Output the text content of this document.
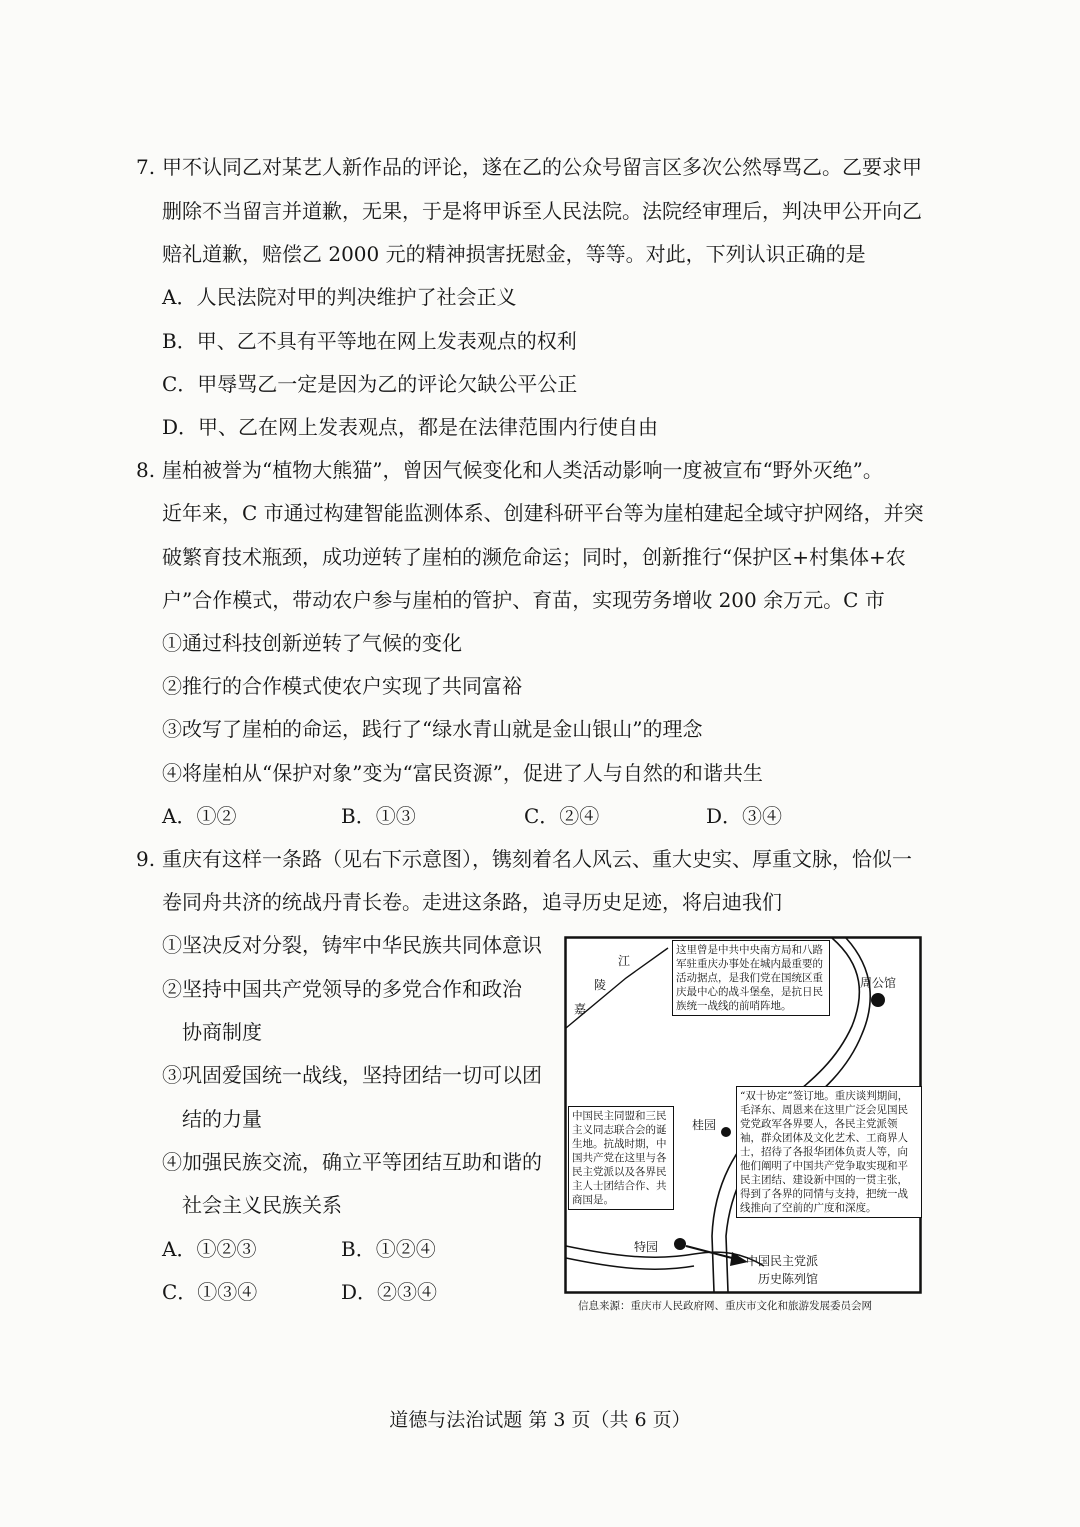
7. 甲不认同乙对某艺人新作品的评论，遂在乙的公众号留言区多次公然辱骂乙。乙要求甲
删除不当留言并道歉，无果，于是将甲诉至人民法院。法院经审理后，判决甲公开向乙
赔礼道歉，赔偿乙 2000 元的精神损害抚慰金，等等。对此，下列认识正确的是
A．人民法院对甲的判决维护了社会正义
B．甲、乙不具有平等地在网上发表观点的权利
C．甲辱骂乙一定是因为乙的评论欠缺公平公正
D．甲、乙在网上发表观点，都是在法律范围内行使自由
8. 崖柏被誉为“植物大熊猫”，曾因气候变化和人类活动影响一度被宣布“野外灭绝”。
近年来，C 市通过构建智能监测体系、创建科研平台等为崖柏建起全域守护网络，并突
破繁育技术瓶颈，成功逆转了崖柏的濒危命运；同时，创新推行“保护区+村集体+农
户”合作模式，带动农户参与崖柏的管护、育苗，实现劳务增收 200 余万元。C 市
①通过科技创新逆转了气候的变化
②推行的合作模式使农户实现了共同富裕
③改写了崖柏的命运，践行了“绿水青山就是金山银山”的理念
④将崖柏从“保护对象”变为“富民资源”，促进了人与自然的和谐共生
A．①②	B．①③	C．②④	D．③④
9. 重庆有这样一条路（见右下示意图），镌刻着名人风云、重大史实、厚重文脉，恰似一
卷同舟共济的统战丹青长卷。走进这条路，追寻历史足迹，将启迪我们
①坚决反对分裂，铸牢中华民族共同体意识
②坚持中国共产党领导的多党合作和政治
协商制度
③巩固爱国统一战线，坚持团结一切可以团
结的力量
④加强民族交流，确立平等团结互助和谐的
社会主义民族关系
A．①②③	B．①②④
C．①③④	D．②③④
江
陵
嘉
这里曾是中共中央南方局和八路军驻重庆办事处在城内最重要的活动据点，是我们党在国统区重庆最中心的战斗堡垒，是抗日民族统一战线的前哨阵地。
周公馆
“双十协定”签订地。重庆谈判期间，毛泽东、周恩来在这里广泛会见国民党党政军各界要人，各民主党派领袖，群众团体及文化艺术、工商界人士，招待了各报华团体负责人等，向他们阐明了中国共产党争取实现和平民主团结、建设新中国的一贯主张，得到了各界的同情与支持，把统一战线推向了空前的广度和深度。
桂园
中国民主同盟和三民主义同志联合会的诞生地。抗战时期，中国共产党在这里与各民主党派以及各界民主人士团结合作、共商国是。
特园
中国民主党派
历史陈列馆
信息来源：重庆市人民政府网、重庆市文化和旅游发展委员会网
道德与法治试题 第 3 页（共 6 页）
